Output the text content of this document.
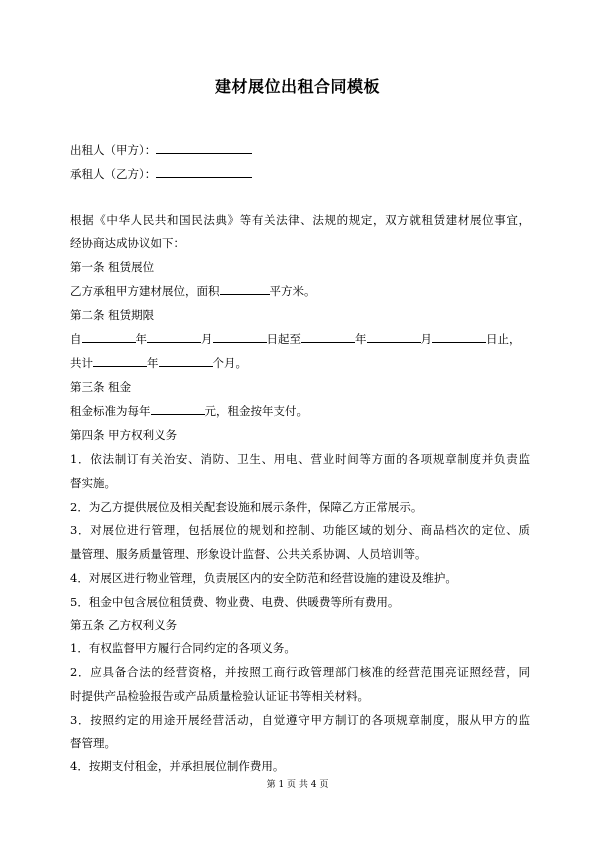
建材展位出租合同模板
出租人（甲方）：
承租人（乙方）：
根据《中华人民共和国民法典》等有关法律、法规的规定，双方就租赁建材展位事宜，
经协商达成协议如下：
第一条 租赁展位
乙方承租甲方建材展位，面积	平方米。
第二条 租赁期限
自	年	月	日起至	年	月	日止，
共计	年	个月。
第三条 租金
租金标准为每年	元，租金按年支付。
第四条 甲方权利义务
1．依法制订有关治安、消防、卫生、用电、营业时间等方面的各项规章制度并负责监
督实施。
2．为乙方提供展位及相关配套设施和展示条件，保障乙方正常展示。
3．对展位进行管理，包括展位的规划和控制、功能区域的划分、商品档次的定位、质
量管理、服务质量管理、形象设计监督、公共关系协调、人员培训等。
4．对展区进行物业管理，负责展区内的安全防范和经营设施的建设及维护。
5．租金中包含展位租赁费、物业费、电费、供暖费等所有费用。
第五条 乙方权利义务
1．有权监督甲方履行合同约定的各项义务。
2．应具备合法的经营资格，并按照工商行政管理部门核准的经营范围亮证照经营，同
时提供产品检验报告或产品质量检验认证证书等相关材料。
3．按照约定的用途开展经营活动，自觉遵守甲方制订的各项规章制度，服从甲方的监
督管理。
4．按期支付租金，并承担展位制作费用。
第 1 页 共 4 页
